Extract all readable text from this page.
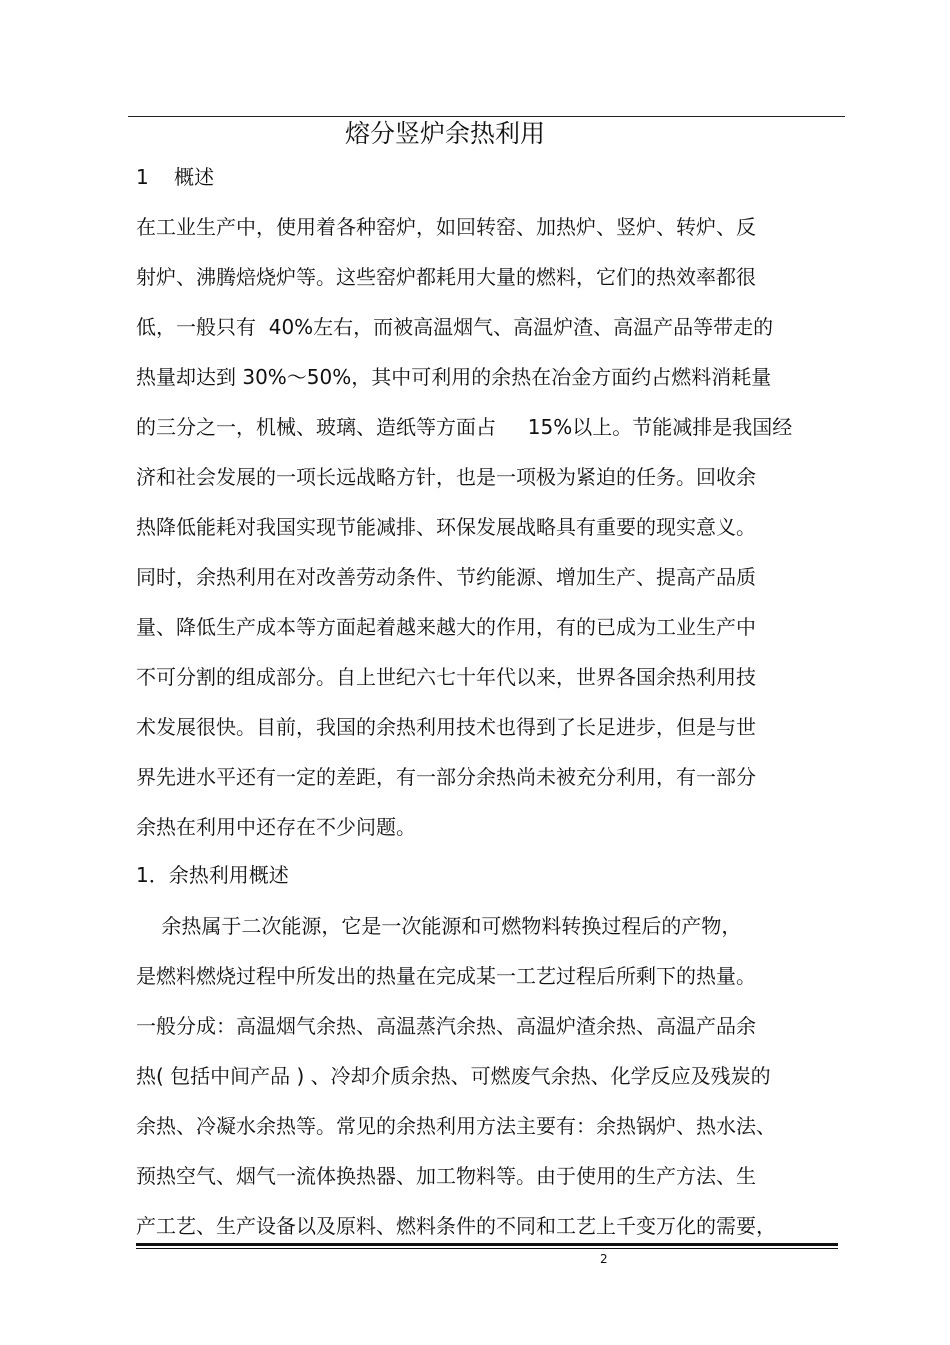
熔分竖炉余热利用
1    概述
在工业生产中，使用着各种窑炉，如回转窑、加热炉、竖炉、转炉、反
射炉、沸腾焙烧炉等。这些窑炉都耗用大量的燃料，它们的热效率都很
低，一般只有  40%左右，而被高温烟气、高温炉渣、高温产品等带走的
热量却达到 30%～50%，其中可利用的余热在冶金方面约占燃料消耗量
的三分之一，机械、玻璃、造纸等方面占     15%以上。节能减排是我国经
济和社会发展的一项长远战略方针，也是一项极为紧迫的任务。回收余
热降低能耗对我国实现节能减排、环保发展战略具有重要的现实意义。
同时，余热利用在对改善劳动条件、节约能源、增加生产、提高产品质
量、降低生产成本等方面起着越来越大的作用，有的已成为工业生产中
不可分割的组成部分。自上世纪六七十年代以来，世界各国余热利用技
术发展很快。目前，我国的余热利用技术也得到了长足进步，但是与世
界先进水平还有一定的差距，有一部分余热尚未被充分利用，有一部分
余热在利用中还存在不少问题。
1．余热利用概述
余热属于二次能源，它是一次能源和可燃物料转换过程后的产物，
是燃料燃烧过程中所发出的热量在完成某一工艺过程后所剩下的热量。
一般分成：高温烟气余热、高温蒸汽余热、高温炉渣余热、高温产品余
热( 包括中间产品 ) 、冷却介质余热、可燃废气余热、化学反应及残炭的
余热、冷凝水余热等。常见的余热利用方法主要有：余热锅炉、热水法、
预热空气、烟气一流体换热器、加工物料等。由于使用的生产方法、生
产工艺、生产设备以及原料、燃料条件的不同和工艺上千变万化的需要，
2
